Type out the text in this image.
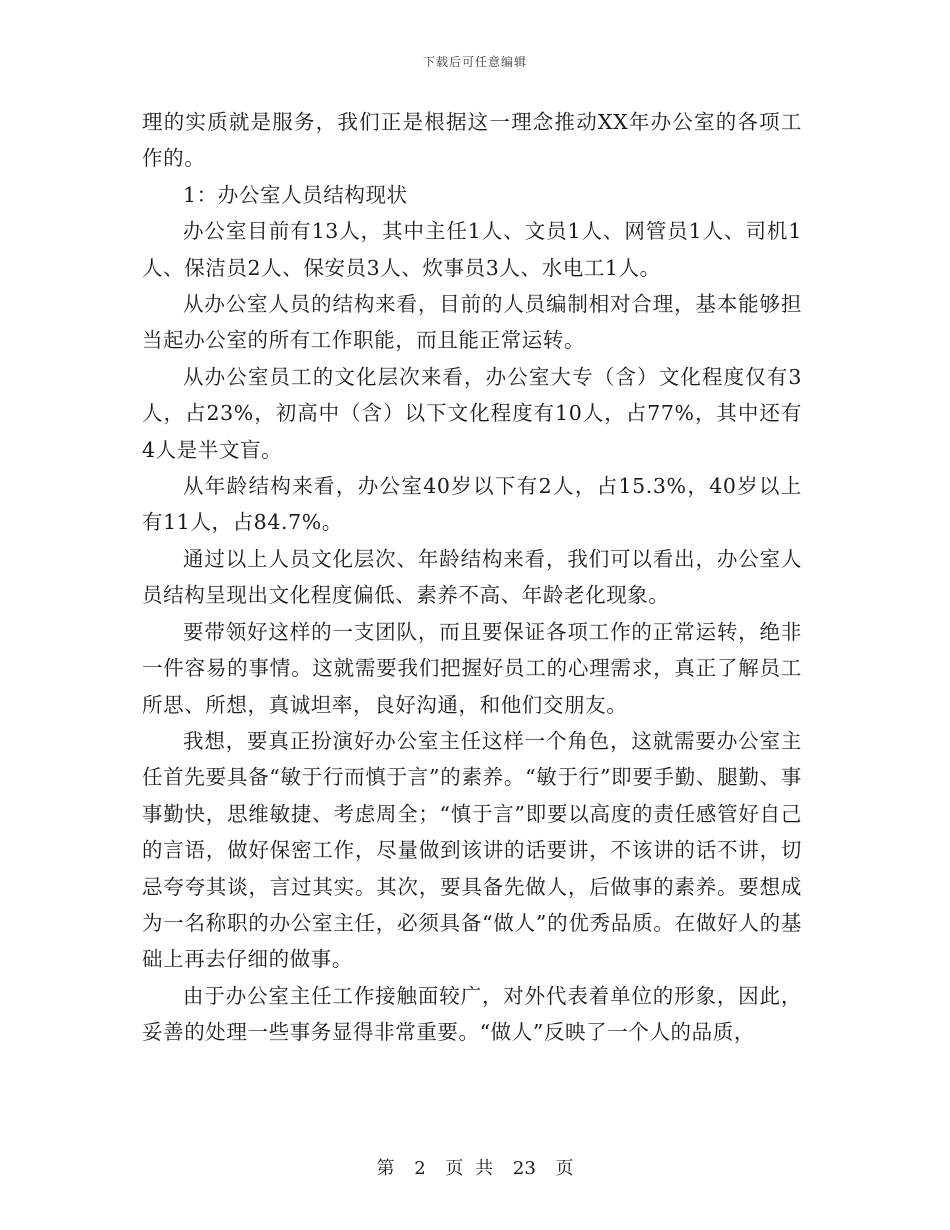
下载后可任意编辑

理的实质就是服务，我们正是根据这一理念推动XX年办公室的各项工作的。

1：办公室人员结构现状

办公室目前有13人，其中主任1人、文员1人、网管员1人、司机1人、保洁员2人、保安员3人、炊事员3人、水电工1人。

从办公室人员的结构来看，目前的人员编制相对合理，基本能够担当起办公室的所有工作职能，而且能正常运转。

从办公室员工的文化层次来看，办公室大专（含）文化程度仅有3人，占23%，初高中（含）以下文化程度有10人，占77%，其中还有4人是半文盲。

从年龄结构来看，办公室40岁以下有2人，占15.3%，40岁以上有11人，占84.7%。

通过以上人员文化层次、年龄结构来看，我们可以看出，办公室人员结构呈现出文化程度偏低、素养不高、年龄老化现象。

要带领好这样的一支团队，而且要保证各项工作的正常运转，绝非一件容易的事情。这就需要我们把握好员工的心理需求，真正了解员工所思、所想，真诚坦率，良好沟通，和他们交朋友。

我想，要真正扮演好办公室主任这样一个角色，这就需要办公室主任首先要具备“敏于行而慎于言”的素养。“敏于行”即要手勤、腿勤、事事勤快，思维敏捷、考虑周全；“慎于言”即要以高度的责任感管好自己的言语，做好保密工作，尽量做到该讲的话要讲，不该讲的话不讲，切忌夸夸其谈，言过其实。其次，要具备先做人，后做事的素养。要想成为一名称职的办公室主任，必须具备“做人”的优秀品质。在做好人的基础上再去仔细的做事。

由于办公室主任工作接触面较广，对外代表着单位的形象，因此，妥善的处理一些事务显得非常重要。“做人”反映了一个人的品质，

第 2 页 共 23 页
